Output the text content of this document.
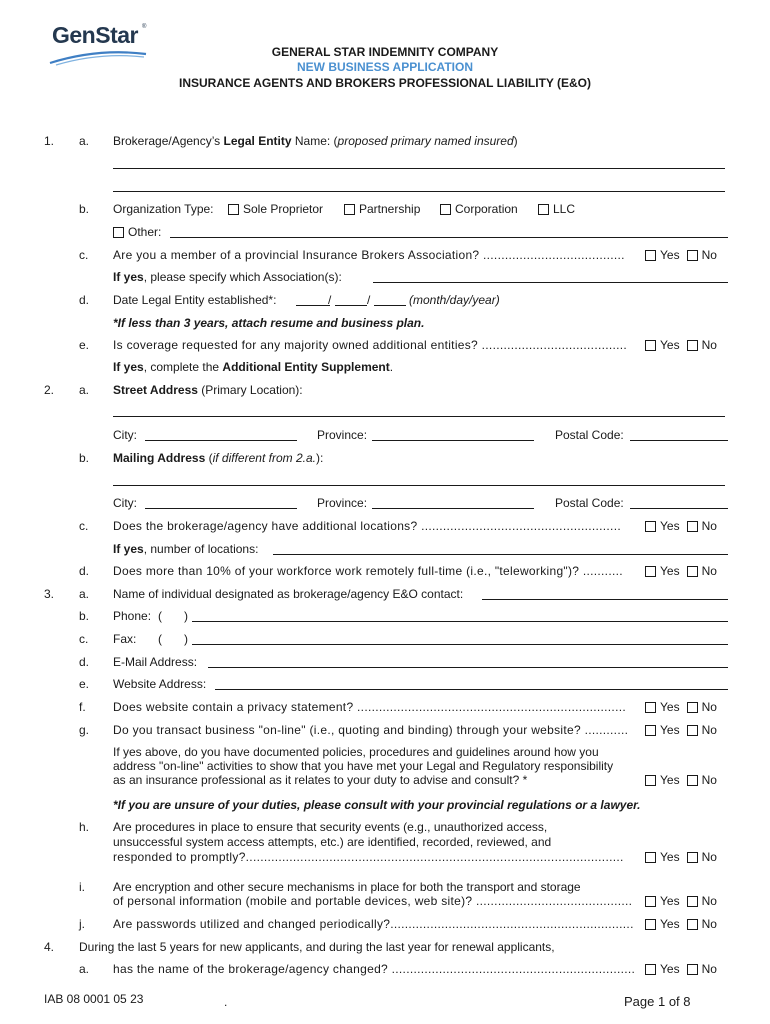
GenStar ®
GENERAL STAR INDEMNITY COMPANY
NEW BUSINESS APPLICATION
INSURANCE AGENTS AND BROKERS PROFESSIONAL LIABILITY (E&O)
1. a. Brokerage/Agency’s Legal Entity Name: (proposed primary named insured)
b. Organization Type:	Sole Proprietor	Partnership	Corporation	LLC
Other:
c. Are you a member of a provincial Insurance Brokers Association? .......................................	Yes No
If yes, please specify which Association(s):
d. Date Legal Entity established*:	/	/	(month/day/year)
*If less than 3 years, attach resume and business plan.
e. Is coverage requested for any majority owned additional entities? ........................................	Yes No
If yes, complete the Additional Entity Supplement.
2. a. Street Address (Primary Location):
City:	Province:	Postal Code:
b. Mailing Address (if different from 2.a.):
City:	Province:	Postal Code:
c. Does the brokerage/agency have additional locations? .......................................................	Yes No
If yes, number of locations:
d. Does more than 10% of your workforce work remotely full-time (i.e., "teleworking")? ...........	Yes No
3. a. Name of individual designated as brokerage/agency E&O contact:
b. Phone: ( )
c. Fax: ( )
d. E-Mail Address:
e. Website Address:
f. Does website contain a privacy statement? ..........................................................................	Yes No
g. Do you transact business "on-line" (i.e., quoting and binding) through your website? ............	Yes No
If yes above, do you have documented policies, procedures and guidelines around how you
address "on-line" activities to show that you have met your Legal and Regulatory responsibility
as an insurance professional as it relates to your duty to advise and consult? *	Yes No
*If you are unsure of your duties, please consult with your provincial regulations or a lawyer.
h. Are procedures in place to ensure that security events (e.g., unauthorized access,
unsuccessful system access attempts, etc.) are identified, recorded, reviewed, and
responded to promptly?........................................................................................................	Yes No
i. Are encryption and other secure mechanisms in place for both the transport and storage
of personal information (mobile and portable devices, web site)? ...........................................	Yes No
j. Are passwords utilized and changed periodically?...................................................................	Yes No
4. During the last 5 years for new applicants, and during the last year for renewal applicants,
a. has the name of the brokerage/agency changed? ...................................................................	Yes No
IAB 08 0001 05 23	.	Page 1 of 8
